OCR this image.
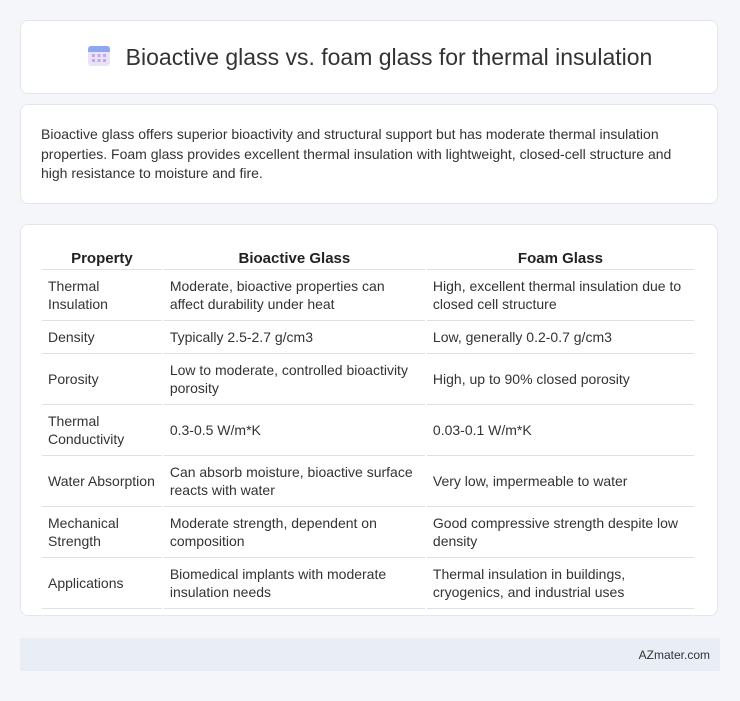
Bioactive glass vs. foam glass for thermal insulation

Bioactive glass offers superior bioactivity and structural support but has moderate thermal insulation properties. Foam glass provides excellent thermal insulation with lightweight, closed-cell structure and high resistance to moisture and fire.

Property	Bioactive Glass	Foam Glass
Thermal Insulation	Moderate, bioactive properties can affect durability under heat	High, excellent thermal insulation due to closed cell structure
Density	Typically 2.5-2.7 g/cm3	Low, generally 0.2-0.7 g/cm3
Porosity	Low to moderate, controlled bioactivity porosity	High, up to 90% closed porosity
Thermal Conductivity	0.3-0.5 W/m*K	0.03-0.1 W/m*K
Water Absorption	Can absorb moisture, bioactive surface reacts with water	Very low, impermeable to water
Mechanical Strength	Moderate strength, dependent on composition	Good compressive strength despite low density
Applications	Biomedical implants with moderate insulation needs	Thermal insulation in buildings, cryogenics, and industrial uses
AZmater.com
